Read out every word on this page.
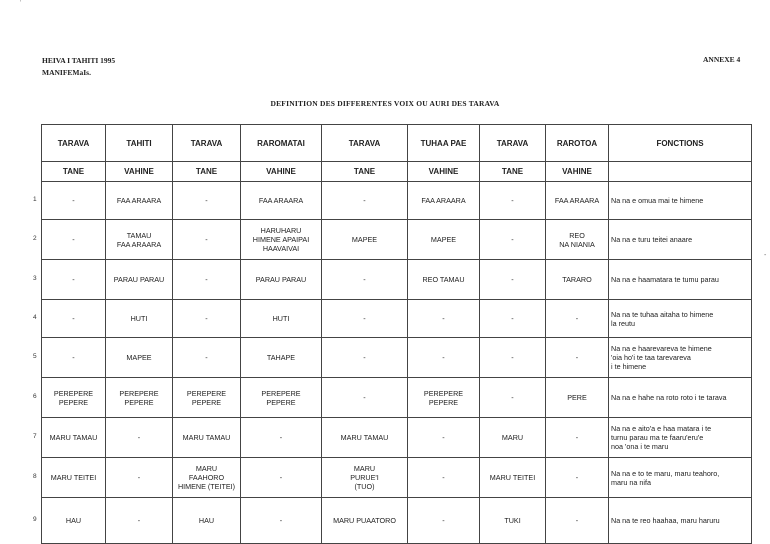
'
HEIVA I TAHITI 1995
MANIFEMaIs.
ANNEXE 4
DEFINITION DES DIFFERENTES VOIX OU AURI DES TARAVA
TARAVA	TAHITI	TARAVA	RAROMATAI	TARAVA	TUHAA PAE	TARAVA	RAROTOA	FONCTIONS
TANE	VAHINE	TANE	VAHINE	TANE	VAHINE	TANE	VAHINE	
-	FAA ARAARA	-	FAA ARAARA	-	FAA ARAARA	-	FAA ARAARA	Na na e omua mai te himene
-	TAMAU
FAA ARAARA	-	HARUHARU
HIMENE APAIPAI
HAAVAIVAI	MAPEE	MAPEE	-	REO
NA NIANIA	Na na e turu teitei anaare
-	PARAU PARAU	-	PARAU PARAU	-	REO TAMAU	-	TARARO	Na na e haamatara te tumu parau
-	HUTI	-	HUTI	-	-	-	-	Na na te tuhaa aitaha to himene
la reutu
-	MAPEE	-	TAHAPE	-	-	-	-	Na na e haarevareva te himene
'oia ho'i te taa tarevareva
i te himene
PEREPERE
PEPERE	PEREPERE
PEPERE	PEREPERE
PEPERE	PEREPERE
PEPERE	-	PEREPERE
PEPERE	-	PERE	Na na e hahe na roto roto i te tarava
MARU TAMAU	-	MARU TAMAU	-	MARU TAMAU	-	MARU	-	Na na e aito'a e haa matara i te
turnu parau ma te faaru'eru'e
noa 'ona i te maru
MARU TEITEI	-	MARU
FAAHORO
HIMENE (TEITEI)	-	MARU
PURUE'I
(TUO)	-	MARU TEITEI	-	Na na e to te maru, maru teahoro,
maru na nifa
HAU	-	HAU	-	MARU PUAATORO	-	TUKI	-	Na na te reo haahaa, maru haruru
1
2
3
4
5
6
7
8
9
-
